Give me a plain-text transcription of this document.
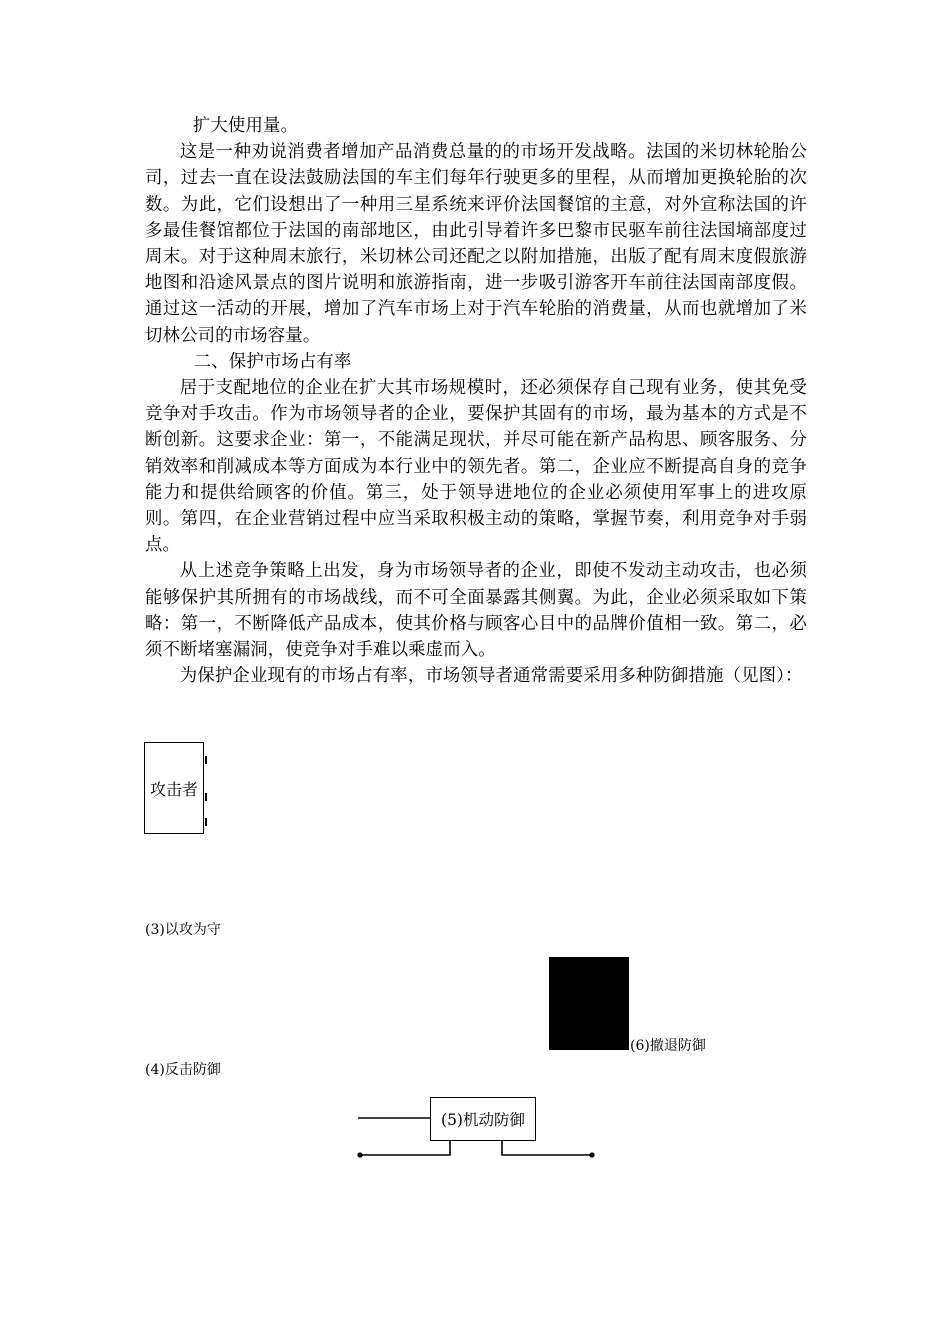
扩大使用量。

这是一种劝说消费者增加产品消费总量的的市场开发战略。法国的米切林轮胎公司，过去一直在设法鼓励法国的车主们每年行驶更多的里程，从而增加更换轮胎的次数。为此，它们设想出了一种用三星系统来评价法国餐馆的主意，对外宣称法国的许多最佳餐馆都位于法国的南部地区，由此引导着许多巴黎市民驱车前往法国墒部度过周末。对于这种周末旅行，米切林公司还配之以附加措施，出版了配有周末度假旅游地图和沿途风景点的图片说明和旅游指南，进一步吸引游客开车前往法国南部度假。通过这一活动的开展，增加了汽车市场上对于汽车轮胎的消费量，从而也就增加了米切林公司的市场容量。

二、保护市场占有率

居于支配地位的企业在扩大其市场规模时，还必须保存自己现有业务，使其免受竞争对手攻击。作为市场领导者的企业，要保护其固有的市场，最为基本的方式是不断创新。这要求企业：第一，不能满足现状，并尽可能在新产品构思、顾客服务、分销效率和削减成本等方面成为本行业中的领先者。第二，企业应不断提高自身的竞争能力和提供给顾客的价值。第三，处于领导进地位的企业必须使用军事上的进攻原则。第四，在企业营销过程中应当采取积极主动的策略，掌握节奏，利用竞争对手弱点。

从上述竞争策略上出发，身为市场领导者的企业，即使不发动主动攻击，也必须能够保护其所拥有的市场战线，而不可全面暴露其侧翼。为此，企业必须采取如下策略：第一，不断降低产品成本，使其价格与顾客心目中的品牌价值相一致。第二，必须不断堵塞漏洞，使竞争对手难以乘虚而入。

为保护企业现有的市场占有率，市场领导者通常需要采用多种防御措施（见图）：

攻击者
(3)以攻为守
(6)撤退防御
(4)反击防御
(5)机动防御
